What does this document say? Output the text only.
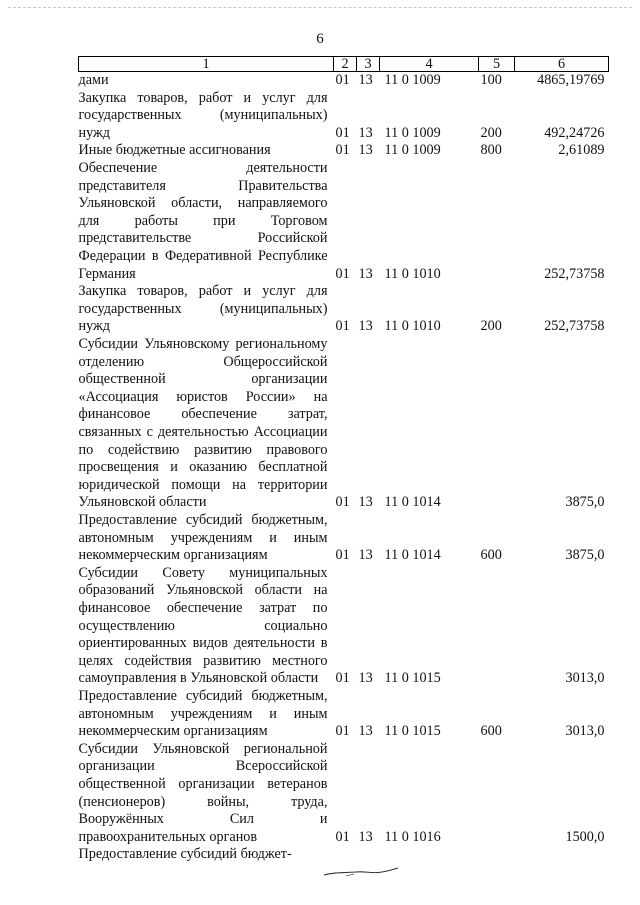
6
1	2	3	4	5	6
дами	01	13	11 0 1009	100	4865,19769
Закупка товаров, работ и услуг для государственных (муниципальных) нужд	01	13	11 0 1009	200	492,24726
Иные бюджетные ассигнования	01	13	11 0 1009	800	2,61089
Обеспечение деятельности представителя Правительства Ульяновской области, направляемого для работы при Торговом представительстве Российской Федерации в Федеративной Республике Германия	01	13	11 0 1010		252,73758
Закупка товаров, работ и услуг для государственных (муниципальных) нужд	01	13	11 0 1010	200	252,73758
Субсидии Ульяновскому региональному отделению Общероссийской общественной организации «Ассоциация юристов России» на финансовое обеспечение затрат, связанных с деятельностью Ассоциации по содействию развитию правового просвещения и оказанию бесплатной юридической помощи на территории Ульяновской области	01	13	11 0 1014		3875,0
Предоставление субсидий бюджетным, автономным учреждениям и иным некоммерческим организациям	01	13	11 0 1014	600	3875,0
Субсидии Совету муниципальных образований Ульяновской области на финансовое обеспечение затрат по осуществлению социально ориентированных видов деятельности в целях содействия развитию местного самоуправления в Ульяновской области	01	13	11 0 1015		3013,0
Предоставление субсидий бюджетным, автономным учреждениям и иным некоммерческим организациям	01	13	11 0 1015	600	3013,0
Субсидии Ульяновской региональной организации Всероссийской общественной организации ветеранов (пенсионеров) войны, труда, Вооружённых Сил и правоохранительных органов	01	13	11 0 1016		1500,0
Предоставление субсидий бюджет-					
